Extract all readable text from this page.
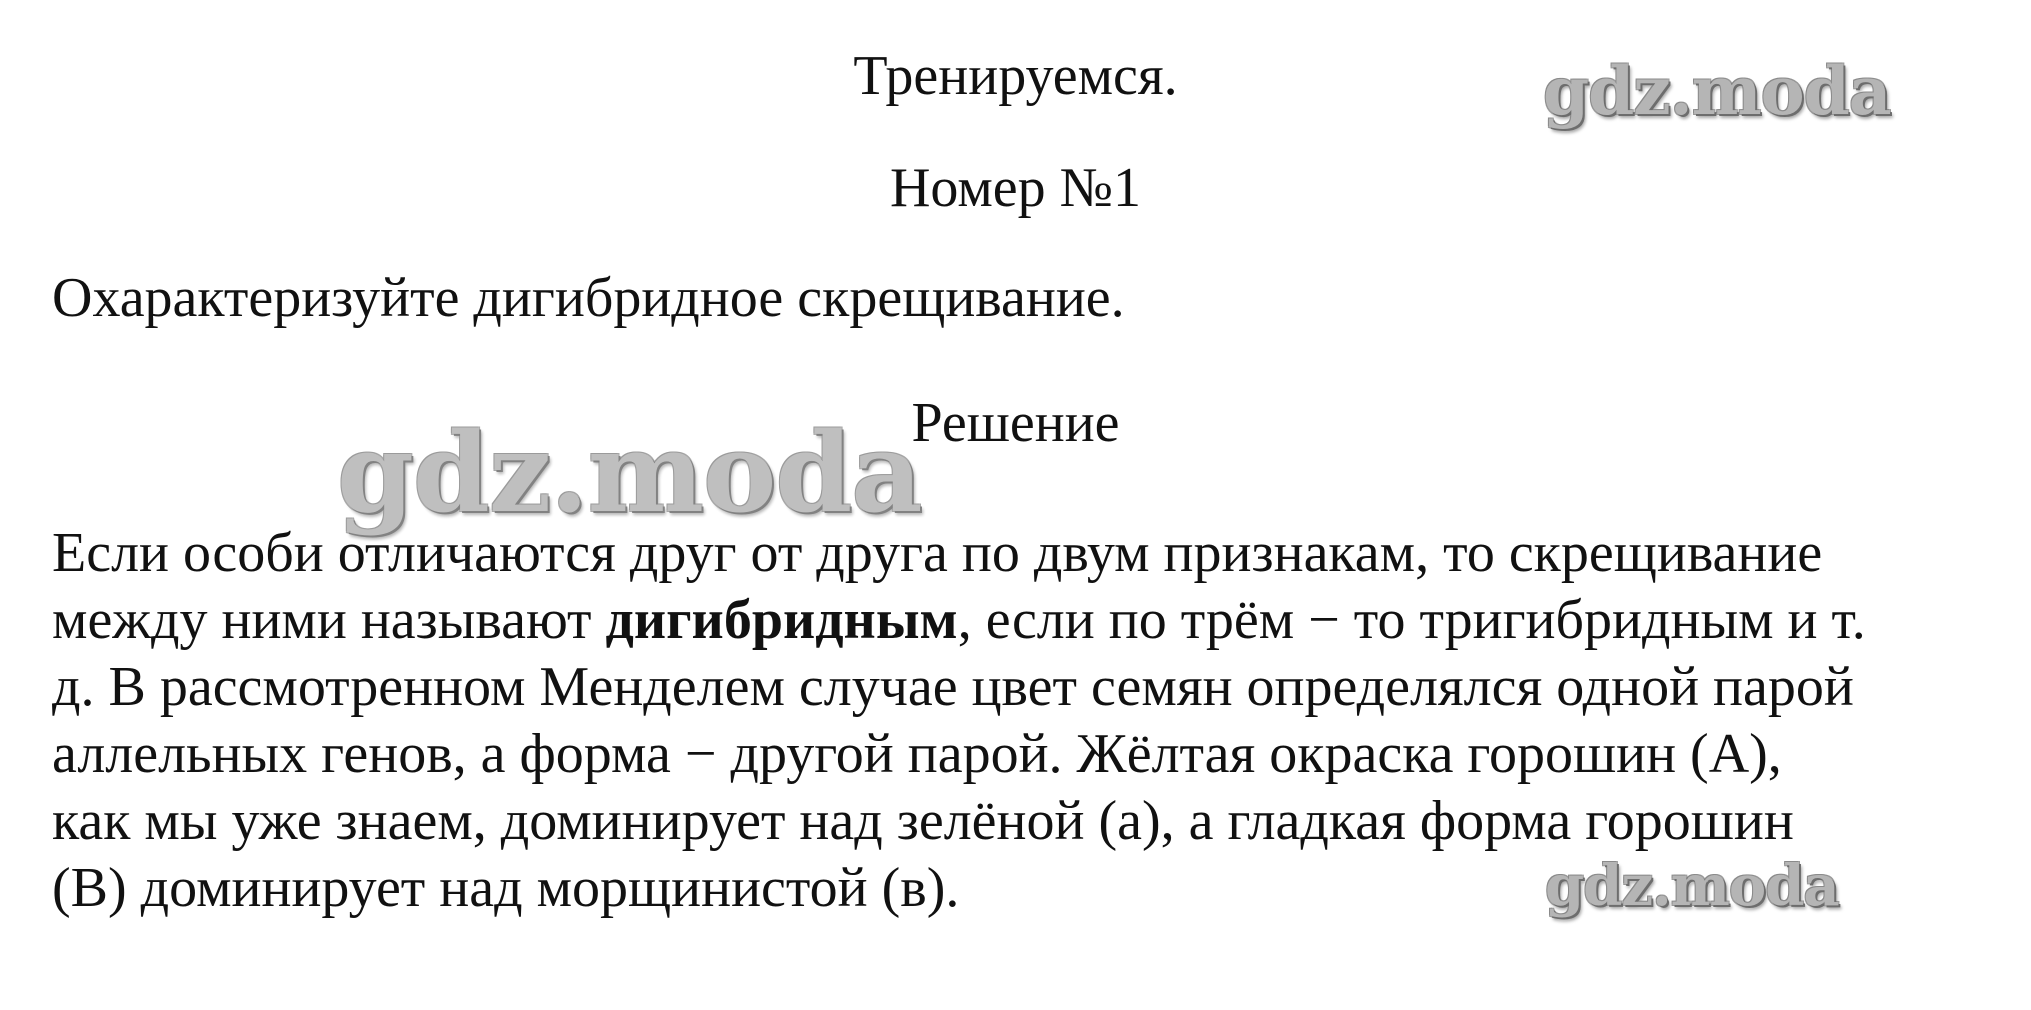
Тренируемся.
Номер №1
Охарактеризуйте дигибридное скрещивание.
Решение
Если особи отличаются друг от друга по двум признакам, то скрещивание
между ними называют дигибридным, если по трём − то тригибридным и т.
д. В рассмотренном Менделем случае цвет семян определялся одной парой
аллельных генов, а форма − другой парой. Жёлтая окраска горошин (А),
как мы уже знаем, доминирует над зелёной (а), а гладкая форма горошин
(В) доминирует над морщинистой (в).
gdz.moda
gdz.moda
gdz.moda
